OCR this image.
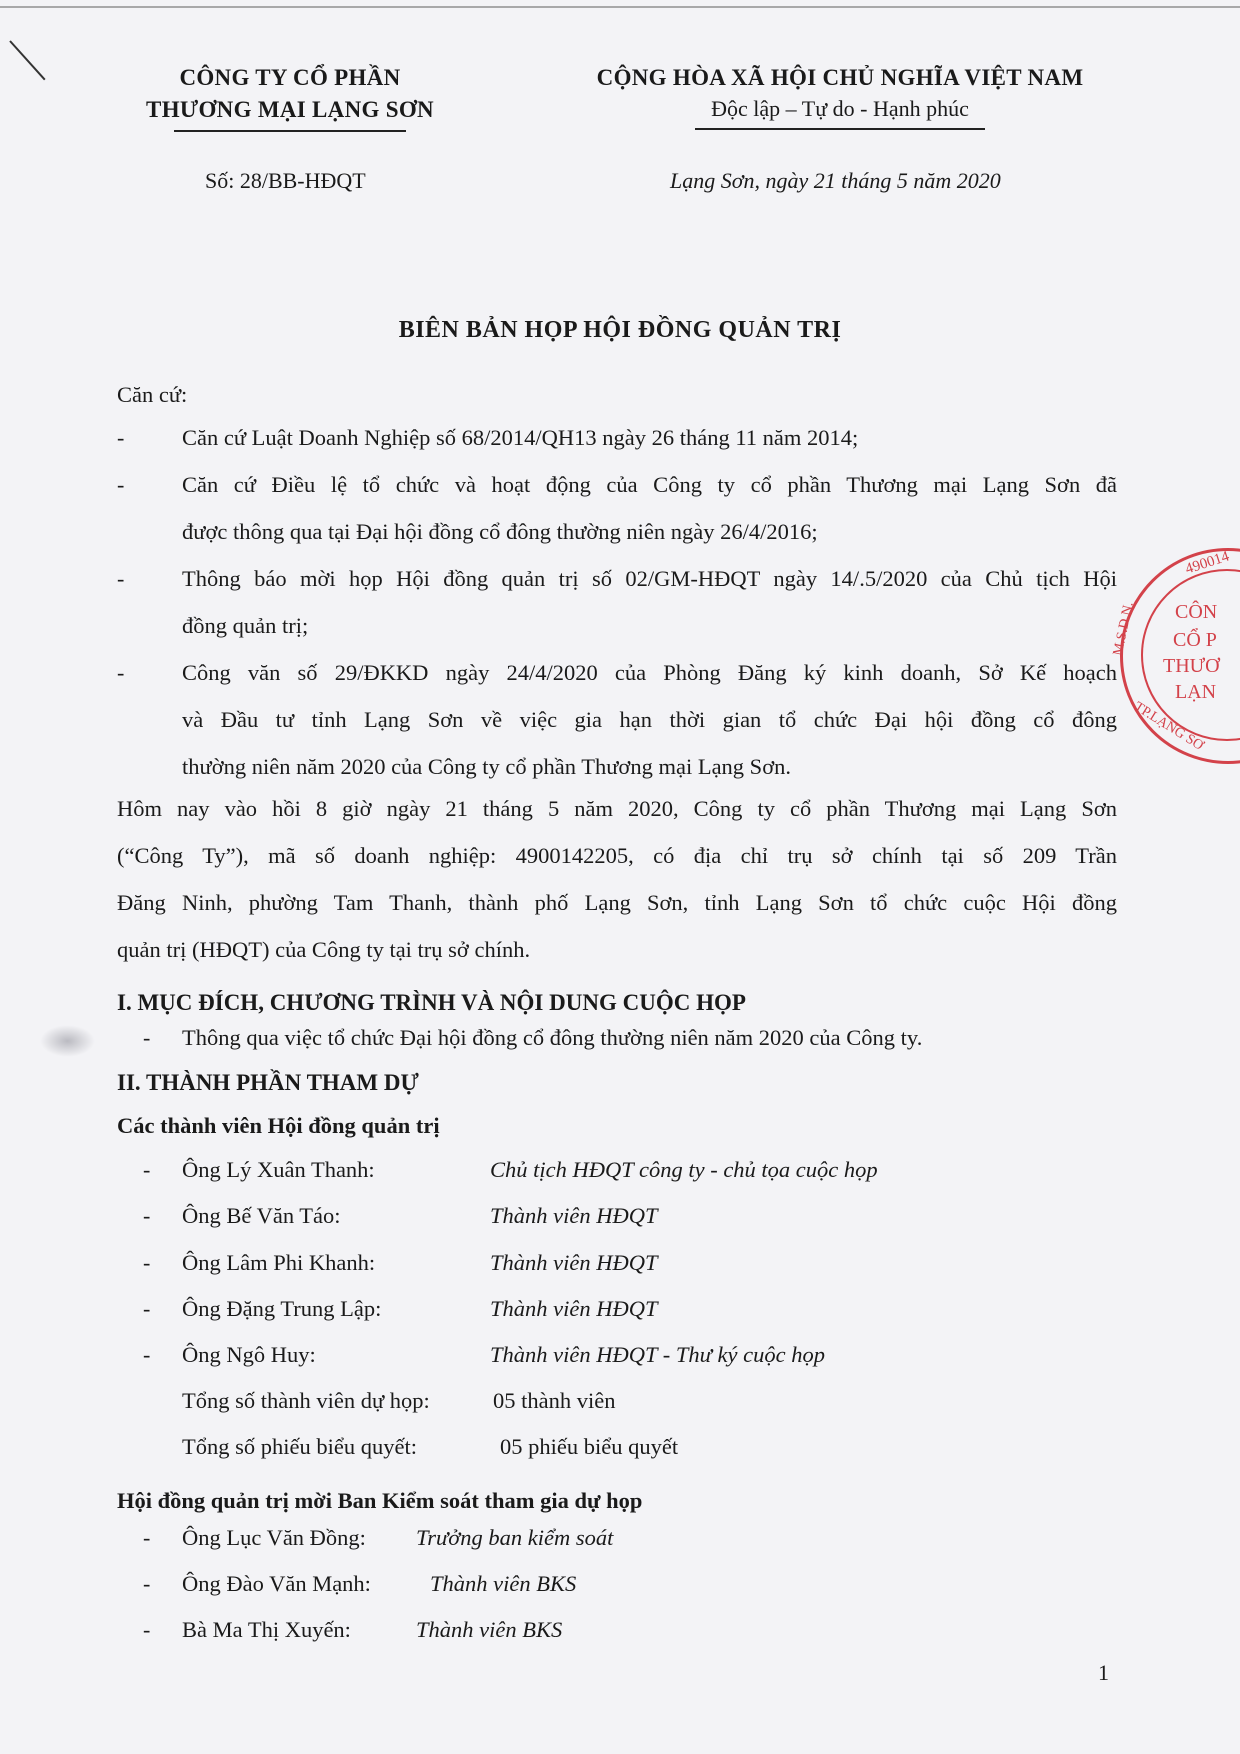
CÔNG TY CỔ PHẦN
THƯƠNG MẠI LẠNG SƠN
Số: 28/BB-HĐQT
CỘNG HÒA XÃ HỘI CHỦ NGHĨA VIỆT NAM
Độc lập – Tự do - Hạnh phúc
Lạng Sơn, ngày 21 tháng 5 năm 2020
BIÊN BẢN HỌP HỘI ĐỒNG QUẢN TRỊ
Căn cứ:
-	Căn cứ Luật Doanh Nghiệp số 68/2014/QH13 ngày 26 tháng 11 năm 2014;
-	Căn cứ Điều lệ tổ chức và hoạt động của Công ty cổ phần Thương mại Lạng Sơn đã
được thông qua tại Đại hội đồng cổ đông thường niên ngày 26/4/2016;
-	Thông báo mời họp Hội đồng quản trị số 02/GM-HĐQT ngày 14/.5/2020 của Chủ tịch Hội
đồng quản trị;
-	Công văn số 29/ĐKKD ngày 24/4/2020 của Phòng Đăng ký kinh doanh, Sở Kế hoạch
và Đầu tư tỉnh Lạng Sơn về việc gia hạn thời gian tổ chức Đại hội đồng cổ đông
thường niên năm 2020 của Công ty cổ phần Thương mại Lạng Sơn.
Hôm nay vào hồi 8 giờ ngày 21 tháng 5 năm 2020, Công ty cổ phần Thương mại Lạng Sơn
(“Công Ty”), mã số doanh nghiệp: 4900142205, có địa chỉ trụ sở chính tại số 209 Trần
Đăng Ninh, phường Tam Thanh, thành phố Lạng Sơn, tỉnh Lạng Sơn tổ chức cuộc Hội đồng
quản trị (HĐQT) của Công ty tại trụ sở chính.
I. MỤC ĐÍCH, CHƯƠNG TRÌNH VÀ NỘI DUNG CUỘC HỌP
- Thông qua việc tổ chức Đại hội đồng cổ đông thường niên năm 2020 của Công ty.
II. THÀNH PHẦN THAM DỰ
Các thành viên Hội đồng quản trị
- Ông Lý Xuân Thanh:	Chủ tịch HĐQT công ty - chủ tọa cuộc họp
- Ông Bế Văn Táo:	Thành viên HĐQT
- Ông Lâm Phi Khanh:	Thành viên HĐQT
- Ông Đặng Trung Lập:	Thành viên HĐQT
- Ông Ngô Huy:	Thành viên HĐQT - Thư ký cuộc họp
Tổng số thành viên dự họp:	05 thành viên
Tổng số phiếu biểu quyết:	05 phiếu biểu quyết
Hội đồng quản trị mời Ban Kiểm soát tham gia dự họp
- Ông Lục Văn Đồng: Trưởng ban kiểm soát
- Ông Đào Văn Mạnh:	Thành viên BKS
- Bà Ma Thị Xuyến:	Thành viên BKS
CÔN
CỔ P
THƯƠ
LẠN
490014
M.S.D.N.
TP.LẠNG SƠ
1
